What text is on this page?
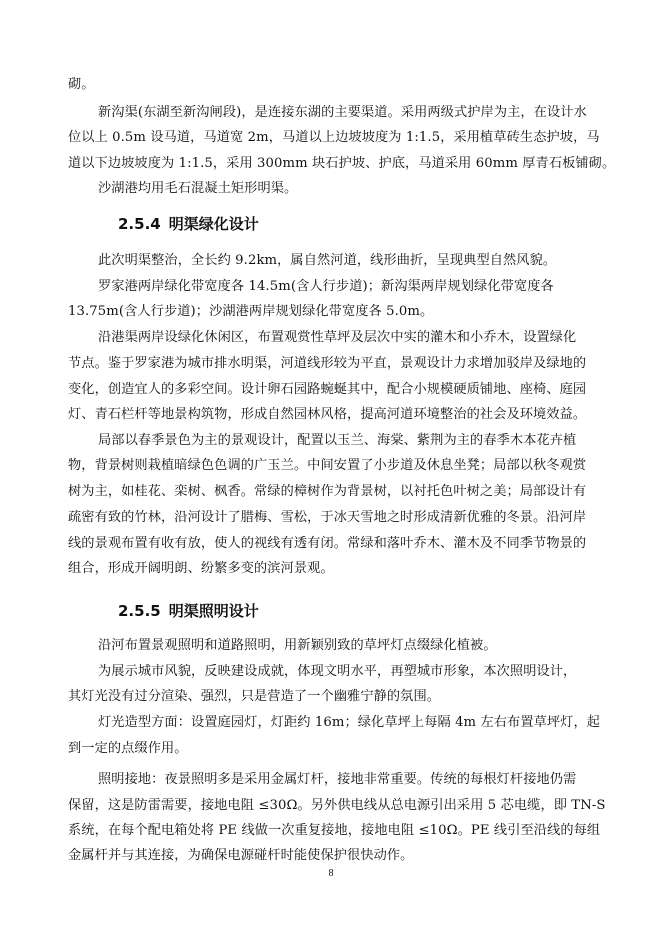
砌。
新沟渠(东湖至新沟闸段)，是连接东湖的主要渠道。采用两级式护岸为主，在设计水
位以上 0.5m 设马道，马道宽 2m，马道以上边坡坡度为 1:1.5，采用植草砖生态护坡，马
道以下边坡坡度为 1:1.5，采用 300mm 块石护坡、护底，马道采用 60mm 厚青石板铺砌。
沙湖港均用毛石混凝土矩形明渠。
2.5.4 明渠绿化设计
此次明渠整治，全长约 9.2km，属自然河道，线形曲折，呈现典型自然风貌。
罗家港两岸绿化带宽度各 14.5m(含人行步道)；新沟渠两岸规划绿化带宽度各
13.75m(含人行步道)；沙湖港两岸规划绿化带宽度各 5.0m。
沿港渠两岸设绿化休闲区，布置观赏性草坪及层次中实的灌木和小乔木，设置绿化
节点。鉴于罗家港为城市排水明渠，河道线形较为平直，景观设计力求增加驳岸及绿地的
变化，创造宜人的多彩空间。设计卵石园路蜿蜒其中，配合小规模硬质铺地、座椅、庭园
灯、青石栏杆等地景构筑物，形成自然园林风格，提高河道环境整治的社会及环境效益。
局部以春季景色为主的景观设计，配置以玉兰、海棠、紫荆为主的春季木本花卉植
物，背景树则栽植暗绿色色调的广玉兰。中间安置了小步道及休息坐凳；局部以秋冬观赏
树为主，如桂花、栾树、枫香。常绿的樟树作为背景树，以衬托色叶树之美；局部设计有
疏密有致的竹林，沿河设计了腊梅、雪松，于冰天雪地之时形成清新优雅的冬景。沿河岸
线的景观布置有收有放，使人的视线有透有闭。常绿和落叶乔木、灌木及不同季节物景的
组合，形成开阔明朗、纷繁多变的滨河景观。
2.5.5 明渠照明设计
沿河布置景观照明和道路照明，用新颖别致的草坪灯点缀绿化植被。
为展示城市风貌，反映建设成就，体现文明水平，再塑城市形象，本次照明设计，
其灯光没有过分渲染、强烈，只是营造了一个幽雅宁静的氛围。
灯光造型方面：设置庭园灯，灯距约 16m；绿化草坪上每隔 4m 左右布置草坪灯，起
到一定的点缀作用。
照明接地：夜景照明多是采用金属灯杆，接地非常重要。传统的每根灯杆接地仍需
保留，这是防雷需要，接地电阻 ≤30Ω。另外供电线从总电源引出采用 5 芯电缆，即 TN-S
系统，在每个配电箱处将 PE 线做一次重复接地，接地电阻 ≤10Ω。PE 线引至沿线的每组
金属杆并与其连接，为确保电源碰杆时能使保护很快动作。
8
